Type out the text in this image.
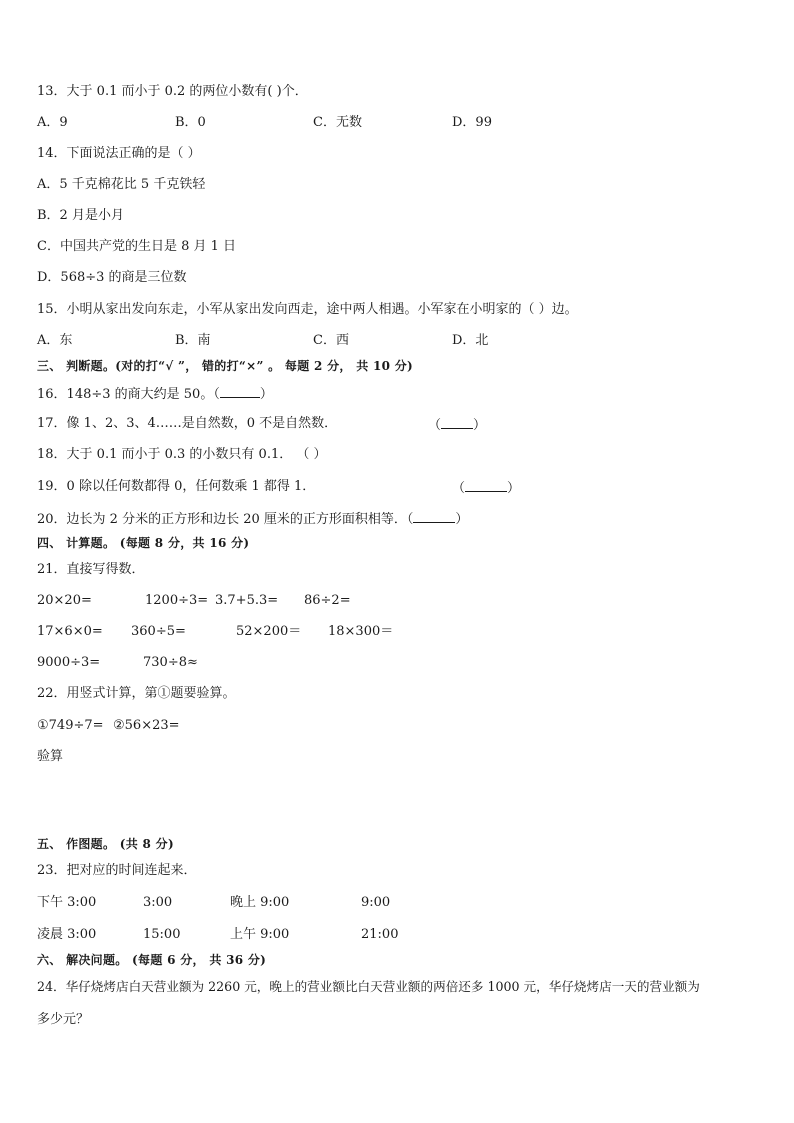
13．大于 0.1 而小于 0.2 的两位小数有( )个．
A．9	B．0	C．无数	D．99
14．下面说法正确的是（ ）
A．5 千克棉花比 5 千克铁轻
B．2 月是小月
C．中国共产党的生日是 8 月 1 日
D．568÷3 的商是三位数
15．小明从家出发向东走，小军从家出发向西走，途中两人相遇。小军家在小明家的（ ）边。
A．东	B．南	C．西	D．北
三、 判断题。(对的打“√ ”， 错的打“×” 。 每题 2 分， 共 10 分)
16．148÷3 的商大约是 50。（	）
17．像 1、2、3、4……是自然数，0 不是自然数．	（ ）
18．大于 0.1 而小于 0.3 的小数只有 0.1． （ ）
19．0 除以任何数都得 0，任何数乘 1 都得 1．	（	）
20．边长为 2 分米的正方形和边长 20 厘米的正方形面积相等．（	）
四、 计算题。 (每题 8 分，共 16 分)
21．直接写得数．
20×20=	1200÷3= 3.7+5.3= 86÷2=
17×6×0= 360÷5=	52×200＝ 18×300＝
9000÷3=	730÷8≈
22．用竖式计算，第①题要验算。
①749÷7= ②56×23=
验算
五、 作图题。 (共 8 分)
23．把对应的时间连起来．
下午 3:00	3:00	晚上 9:00	9:00
凌晨 3:00	15:00	上午 9:00	21:00
六、 解决问题。 (每题 6 分， 共 36 分)
24．华仔烧烤店白天营业额为 2260 元，晚上的营业额比白天营业额的两倍还多 1000 元，华仔烧烤店一天的营业额为
多少元？
